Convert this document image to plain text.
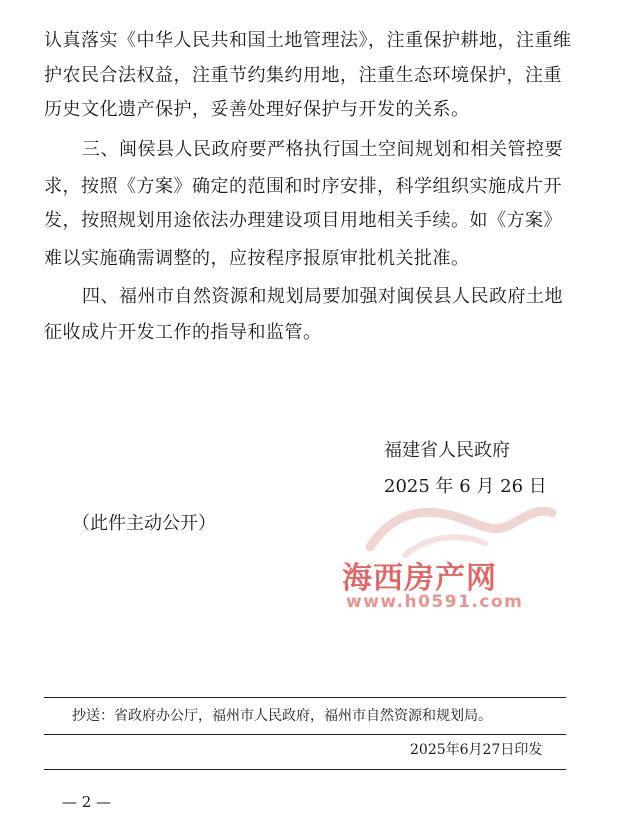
认真落实《中华人民共和国土地管理法》，注重保护耕地，注重维
护农民合法权益，注重节约集约用地，注重生态环境保护，注重
历史文化遗产保护，妥善处理好保护与开发的关系。
三、闽侯县人民政府要严格执行国土空间规划和相关管控要
求，按照《方案》确定的范围和时序安排，科学组织实施成片开
发，按照规划用途依法办理建设项目用地相关手续。如《方案》
难以实施确需调整的，应按程序报原审批机关批准。
四、福州市自然资源和规划局要加强对闽侯县人民政府土地
征收成片开发工作的指导和监管。
福建省人民政府
2025 年 6 月 26 日
（此件主动公开）
海西房产网
www.h0591.com
抄送：省政府办公厅，福州市人民政府，福州市自然资源和规划局。
2025年6月27日印发
— 2 —
